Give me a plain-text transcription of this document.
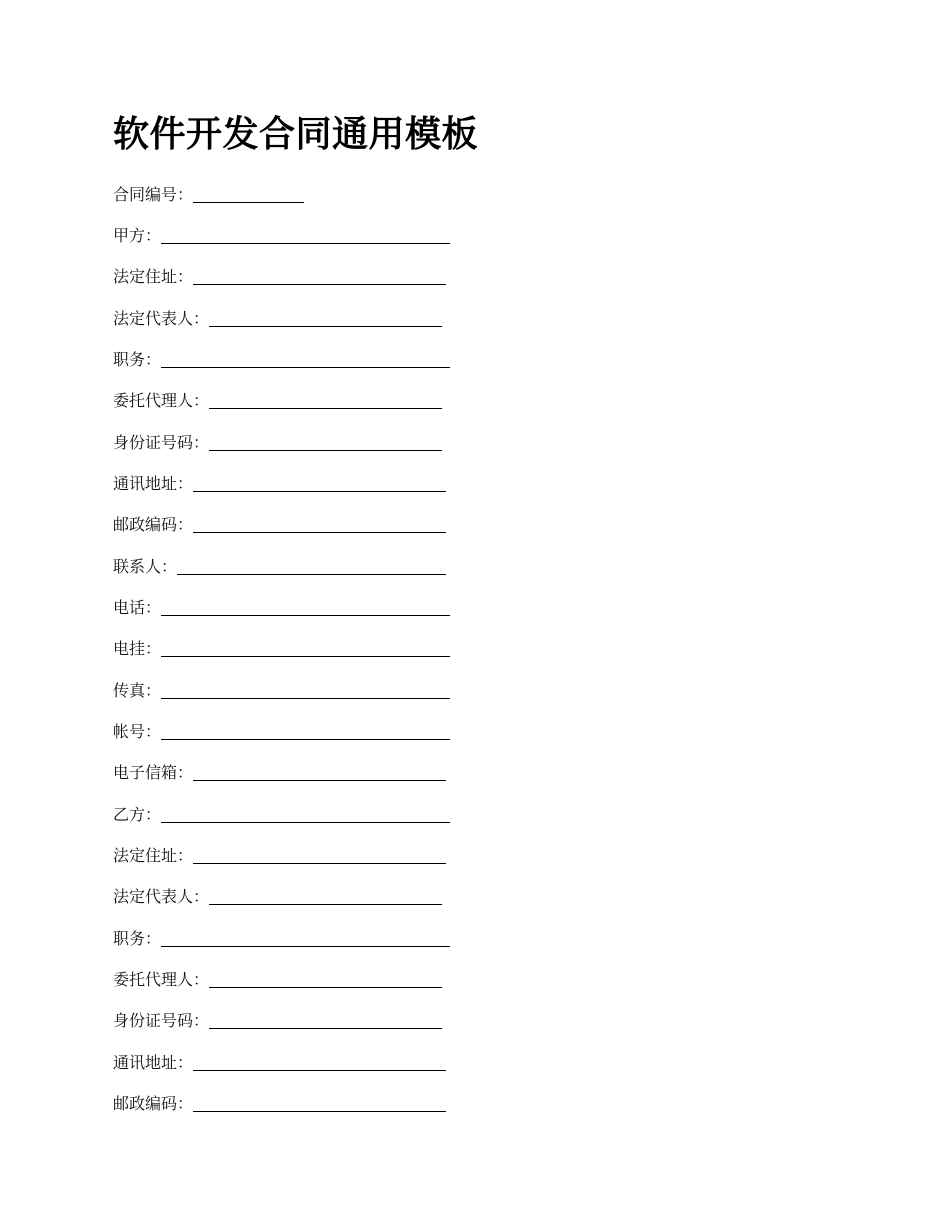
软件开发合同通用模板
合同编号：
甲方：
法定住址：
法定代表人：
职务：
委托代理人：
身份证号码：
通讯地址：
邮政编码：
联系人：
电话：
电挂：
传真：
帐号：
电子信箱：
乙方：
法定住址：
法定代表人：
职务：
委托代理人：
身份证号码：
通讯地址：
邮政编码：
